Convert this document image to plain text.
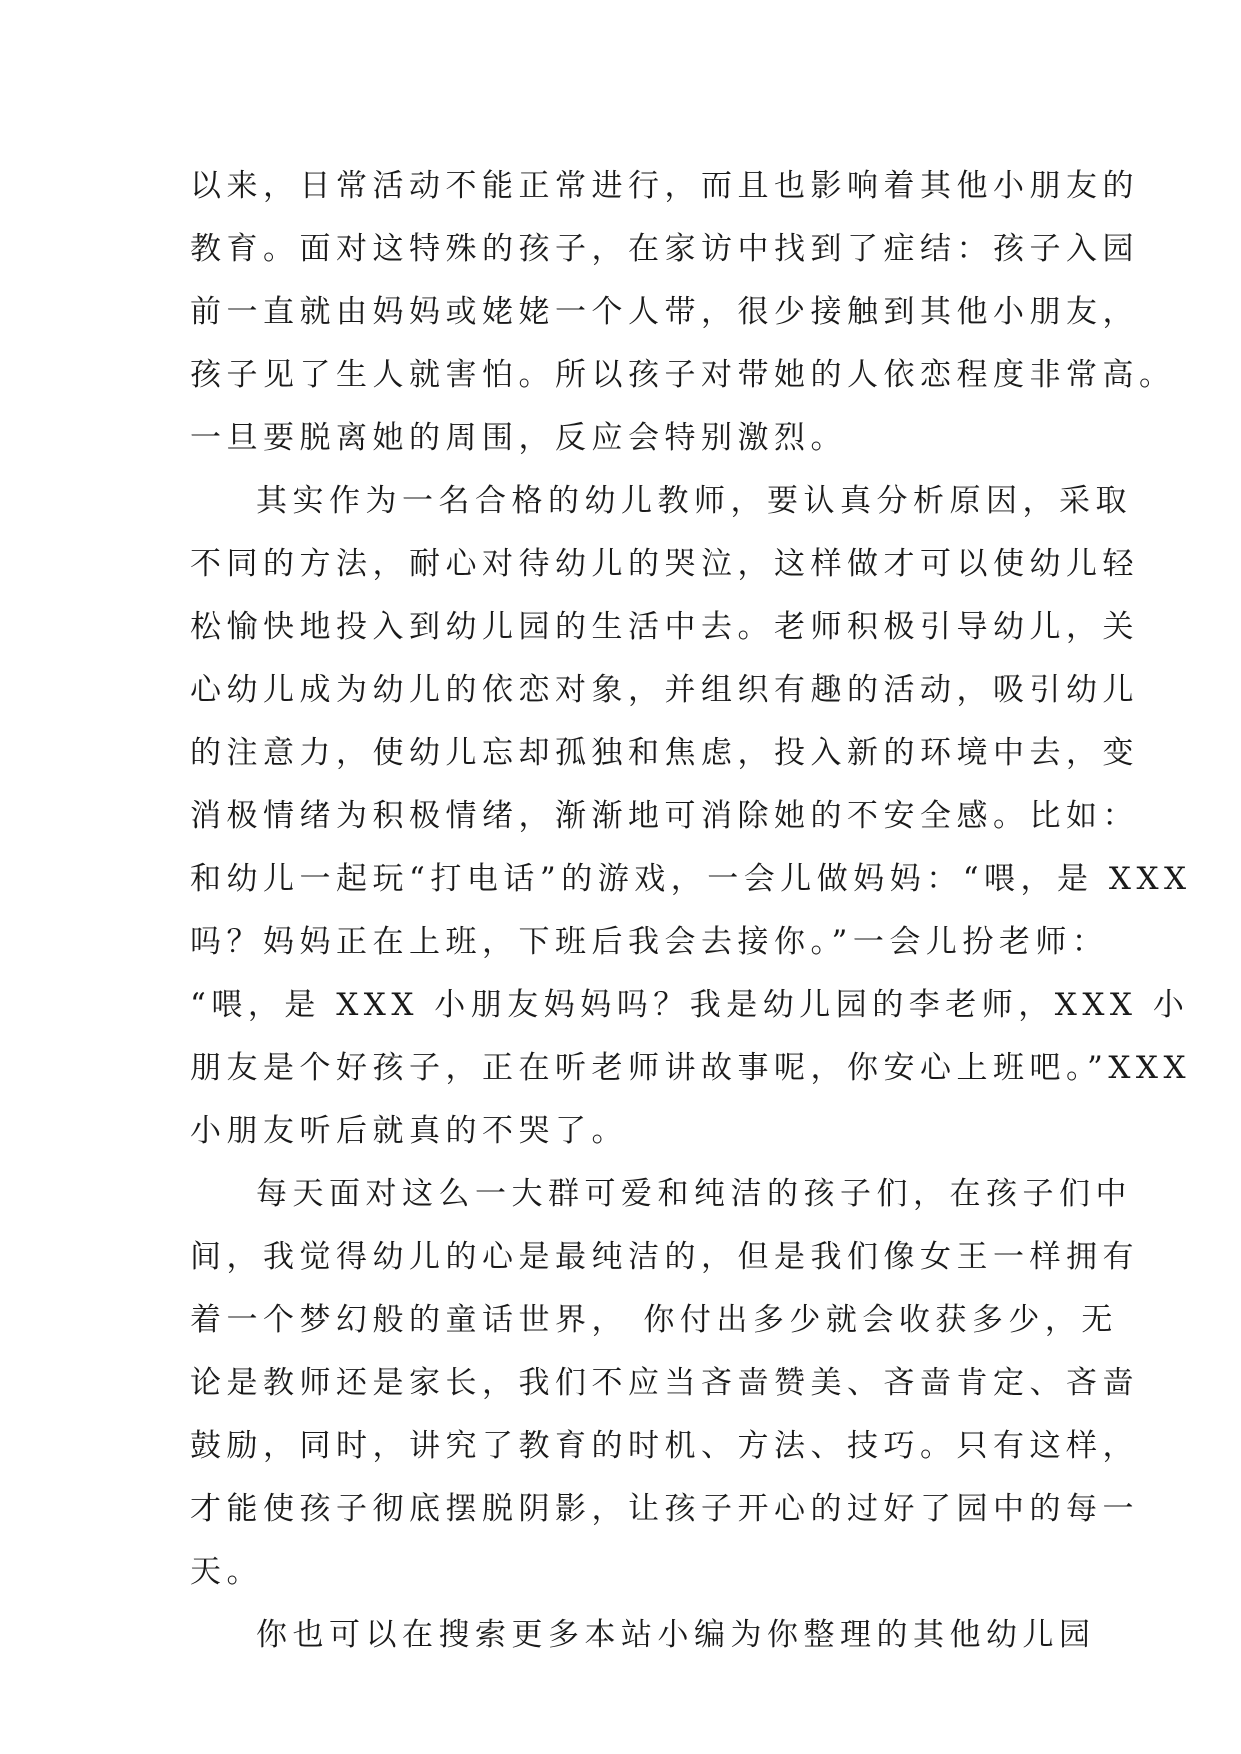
以来，日常活动不能正常进行，而且也影响着其他小朋友的
教育。面对这特殊的孩子，在家访中找到了症结：孩子入园
前一直就由妈妈或姥姥一个人带，很少接触到其他小朋友，
孩子见了生人就害怕。所以孩子对带她的人依恋程度非常高。
一旦要脱离她的周围，反应会特别激烈。
其实作为一名合格的幼儿教师，要认真分析原因，采取
不同的方法，耐心对待幼儿的哭泣，这样做才可以使幼儿轻
松愉快地投入到幼儿园的生活中去。老师积极引导幼儿，关
心幼儿成为幼儿的依恋对象，并组织有趣的活动，吸引幼儿
的注意力，使幼儿忘却孤独和焦虑，投入新的环境中去，变
消极情绪为积极情绪，渐渐地可消除她的不安全感。比如：
和幼儿一起玩“打电话”的游戏，一会儿做妈妈：“喂，是 XXX
吗？妈妈正在上班，下班后我会去接你。”一会儿扮老师：
“喂，是 XXX 小朋友妈妈吗？我是幼儿园的李老师，XXX 小
朋友是个好孩子，正在听老师讲故事呢，你安心上班吧。”XXX
小朋友听后就真的不哭了。
每天面对这么一大群可爱和纯洁的孩子们，在孩子们中
间，我觉得幼儿的心是最纯洁的，但是我们像女王一样拥有
着一个梦幻般的童话世界， 你付出多少就会收获多少，无
论是教师还是家长，我们不应当吝啬赞美、吝啬肯定、吝啬
鼓励，同时，讲究了教育的时机、方法、技巧。只有这样，
才能使孩子彻底摆脱阴影，让孩子开心的过好了园中的每一
天。
你也可以在搜索更多本站小编为你整理的其他幼儿园
